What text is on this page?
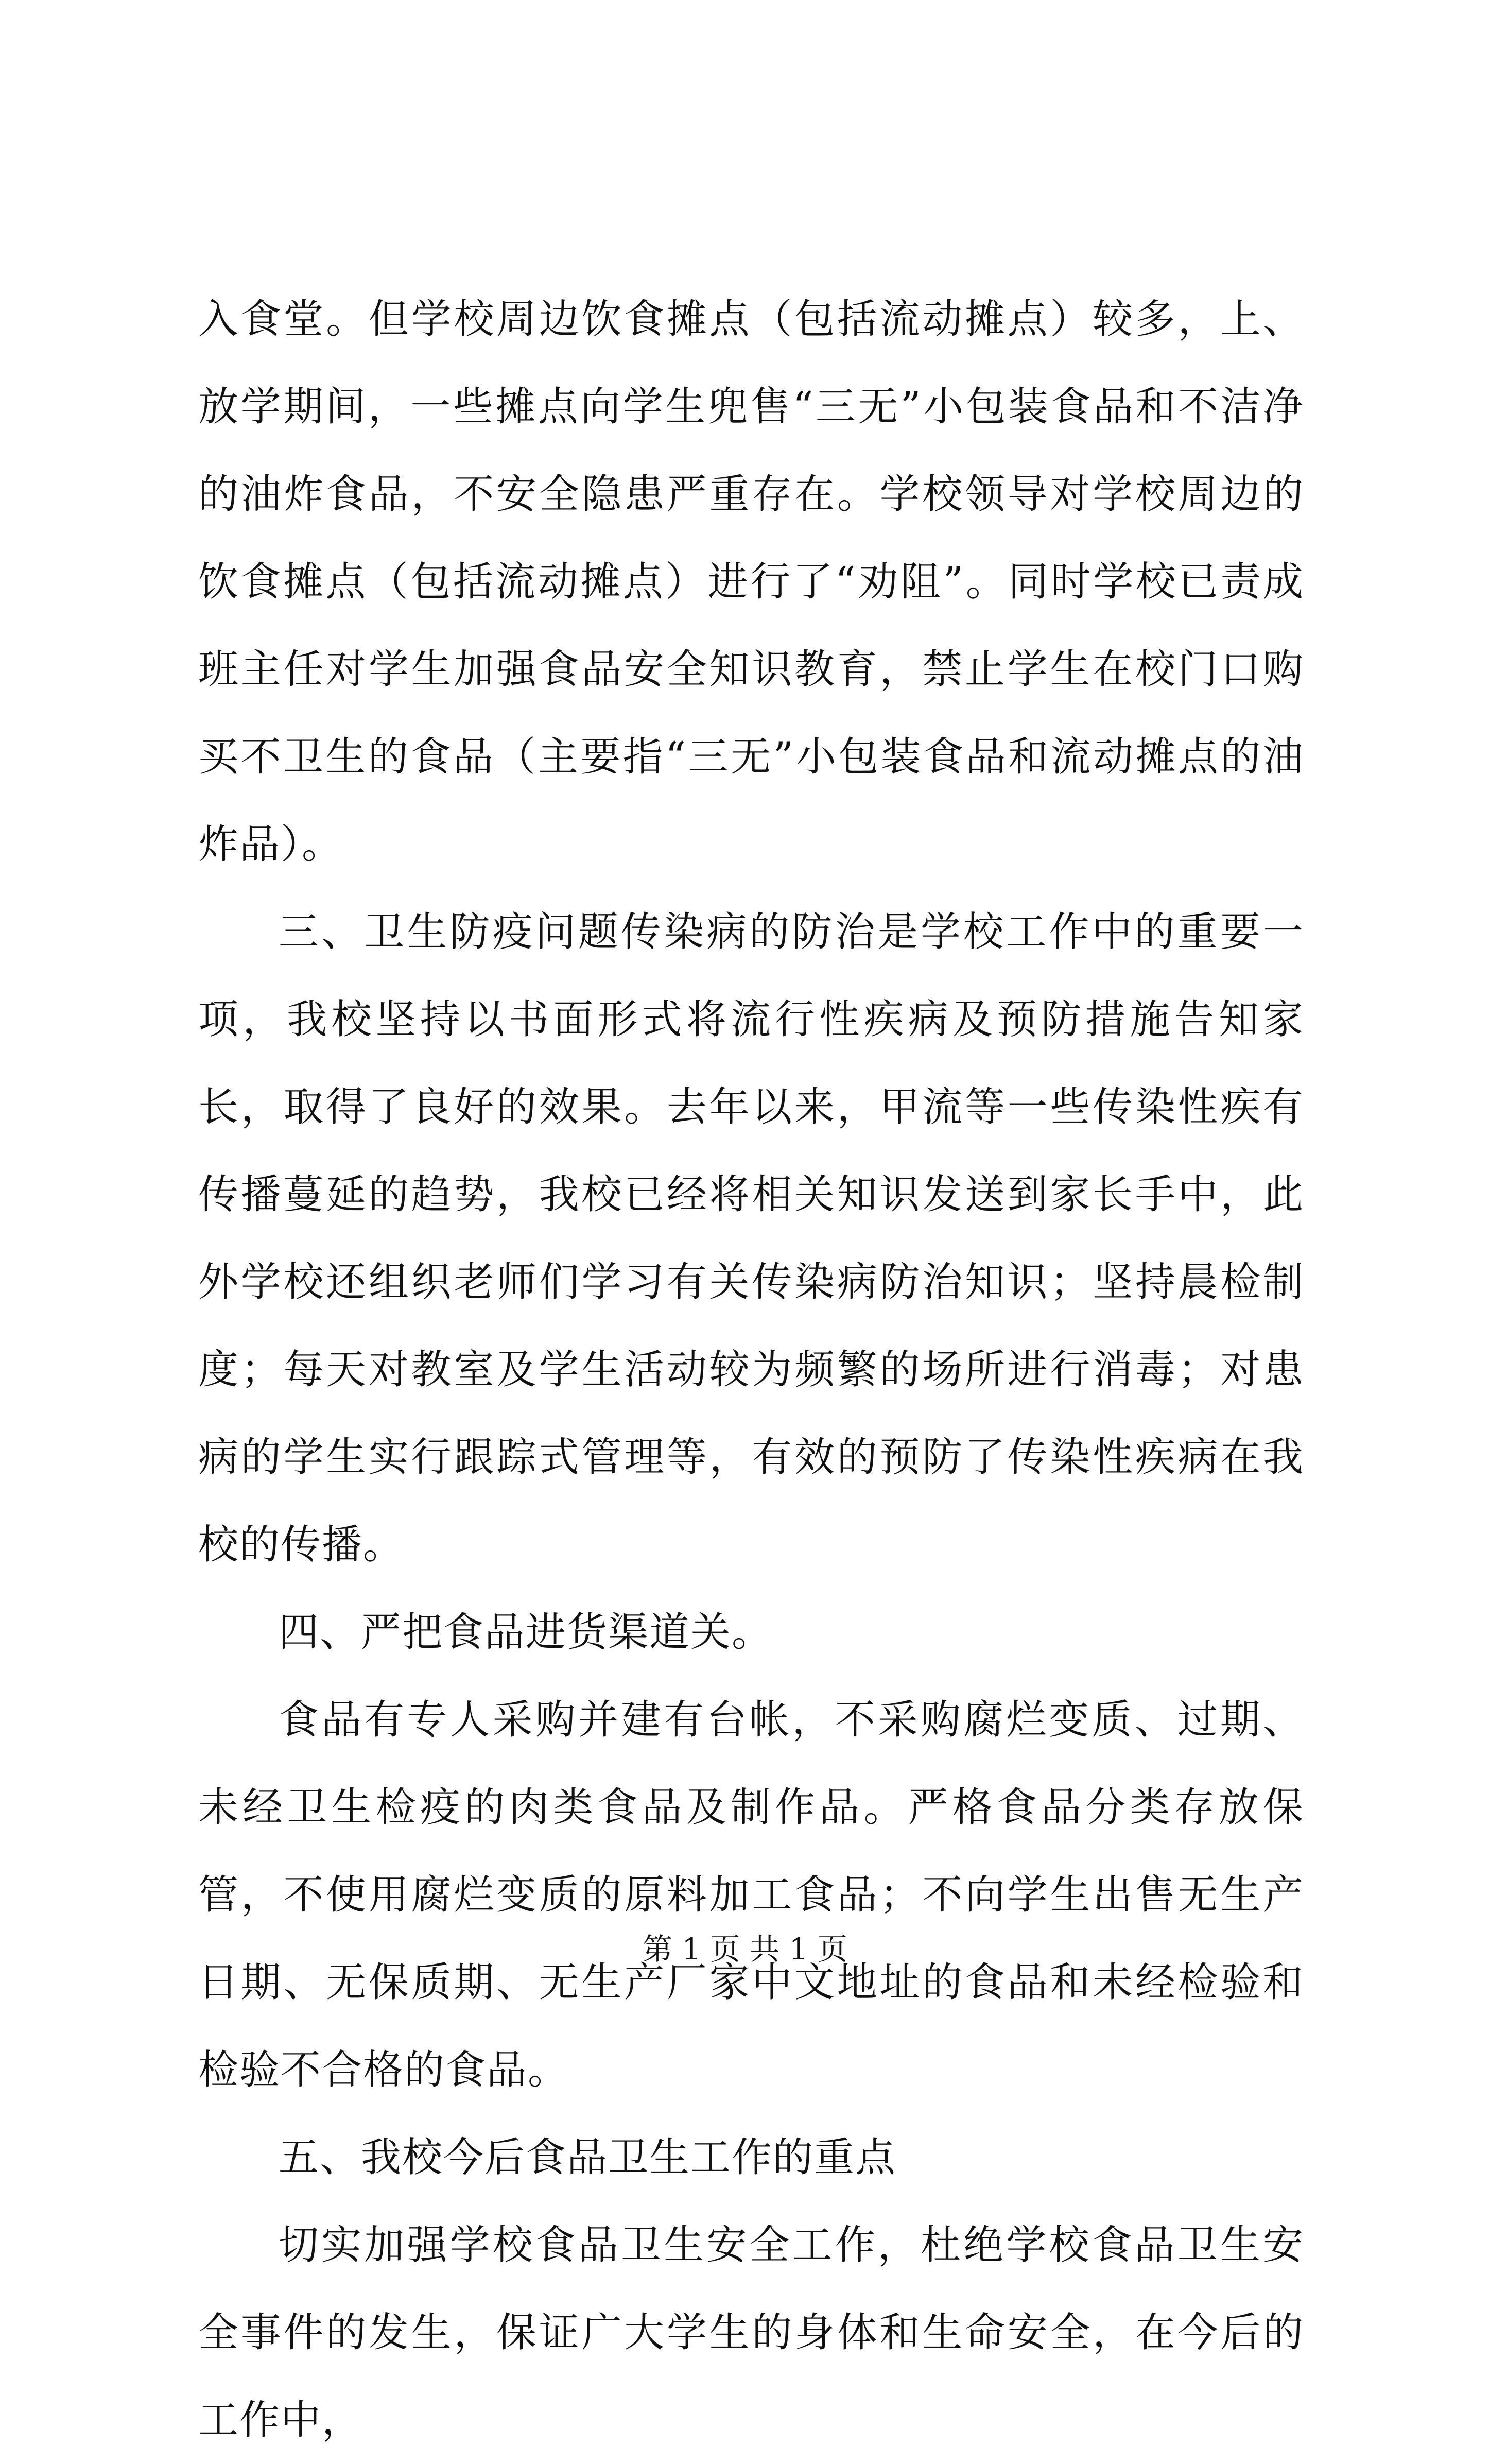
入食堂。但学校周边饮食摊点（包括流动摊点）较多，上、放学期间，一些摊点向学生兜售“三无”小包装食品和不洁净的油炸食品，不安全隐患严重存在。学校领导对学校周边的饮食摊点（包括流动摊点）进行了“劝阻”。同时学校已责成班主任对学生加强食品安全知识教育，禁止学生在校门口购买不卫生的食品（主要指“三无”小包装食品和流动摊点的油炸品）。

三、卫生防疫问题传染病的防治是学校工作中的重要一项，我校坚持以书面形式将流行性疾病及预防措施告知家长，取得了良好的效果。去年以来，甲流等一些传染性疾有传播蔓延的趋势，我校已经将相关知识发送到家长手中，此外学校还组织老师们学习有关传染病防治知识；坚持晨检制度；每天对教室及学生活动较为频繁的场所进行消毒；对患病的学生实行跟踪式管理等，有效的预防了传染性疾病在我校的传播。

四、严把食品进货渠道关。

食品有专人采购并建有台帐，不采购腐烂变质、过期、未经卫生检疫的肉类食品及制作品。严格食品分类存放保管，不使用腐烂变质的原料加工食品；不向学生出售无生产日期、无保质期、无生产厂家中文地址的食品和未经检验和检验不合格的食品。

五、我校今后食品卫生工作的重点

切实加强学校食品卫生安全工作，杜绝学校食品卫生安全事件的发生，保证广大学生的身体和生命安全，在今后的工作中，

第 1 页 共 1 页
